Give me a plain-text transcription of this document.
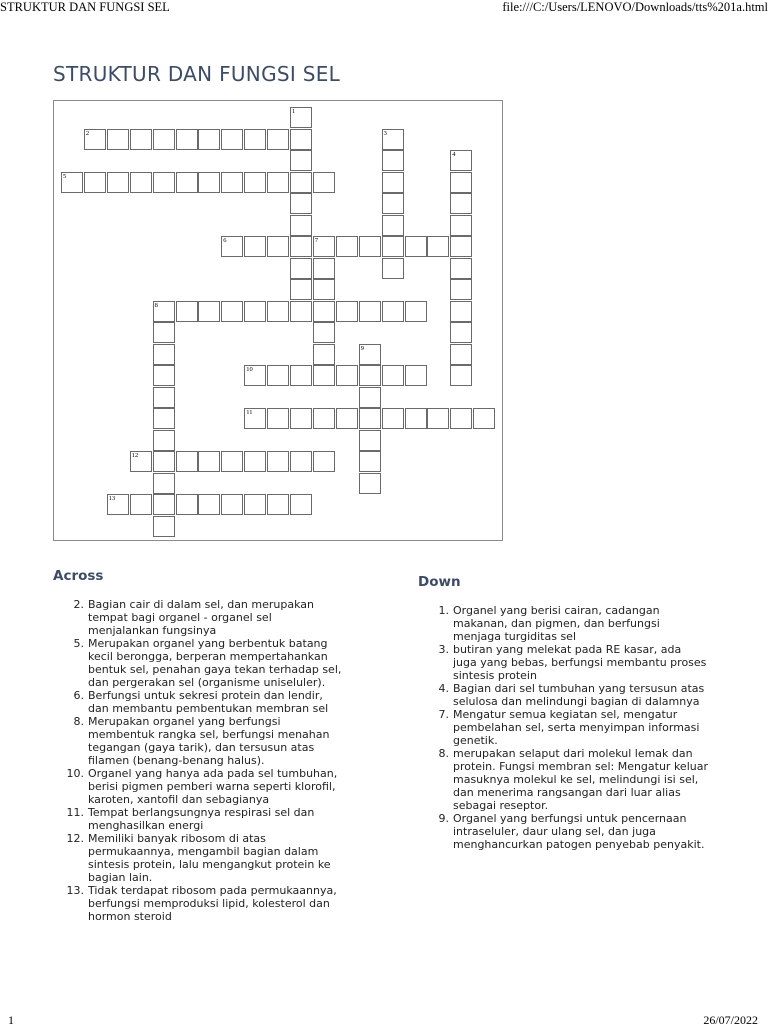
STRUKTUR DAN FUNGSI SEL	file:///C:/Users/LENOVO/Downloads/tts%201a.html
STRUKTUR DAN FUNGSI SEL
1
2	3
4
5
6	7
8
9
10
11
12
13
Across
2. Bagian cair di dalam sel, dan merupakan tempat bagi organel - organel sel menjalankan fungsinya
5. Merupakan organel yang berbentuk batang kecil berongga, berperan mempertahankan bentuk sel, penahan gaya tekan terhadap sel, dan pergerakan sel (organisme uniseluler).
6. Berfungsi untuk sekresi protein dan lendir, dan membantu pembentukan membran sel
8. Merupakan organel yang berfungsi membentuk rangka sel, berfungsi menahan tegangan (gaya tarik), dan tersusun atas filamen (benang-benang halus).
10. Organel yang hanya ada pada sel tumbuhan, berisi pigmen pemberi warna seperti klorofil, karoten, xantofil dan sebagianya
11. Tempat berlangsungnya respirasi sel dan menghasilkan energi
12. Memiliki banyak ribosom di atas permukaannya, mengambil bagian dalam sintesis protein, lalu mengangkut protein ke bagian lain.
13. Tidak terdapat ribosom pada permukaannya, berfungsi memproduksi lipid, kolesterol dan hormon steroid
Down
1. Organel yang berisi cairan, cadangan makanan, dan pigmen, dan berfungsi menjaga turgiditas sel
3. butiran yang melekat pada RE kasar, ada juga yang bebas, berfungsi membantu proses sintesis protein
4. Bagian dari sel tumbuhan yang tersusun atas selulosa dan melindungi bagian di dalamnya
7. Mengatur semua kegiatan sel, mengatur pembelahan sel, serta menyimpan informasi genetik.
8. merupakan selaput dari molekul lemak dan protein. Fungsi membran sel: Mengatur keluar masuknya molekul ke sel, melindungi isi sel, dan menerima rangsangan dari luar alias sebagai reseptor.
9. Organel yang berfungsi untuk pencernaan intraseluler, daur ulang sel, dan juga menghancurkan patogen penyebab penyakit.
1	26/07/2022
